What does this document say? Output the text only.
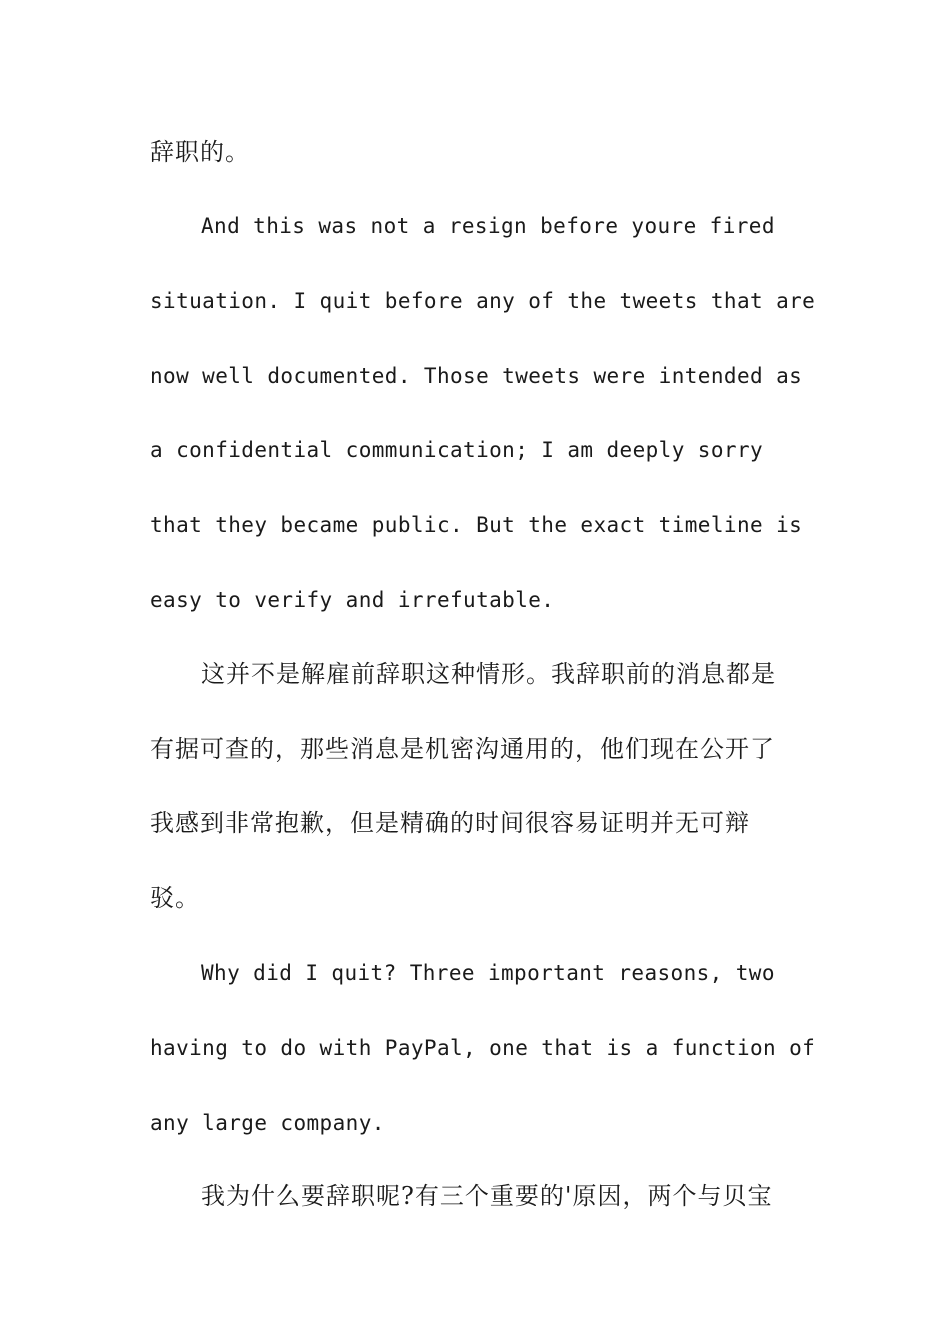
辞职的。
And this was not a resign before youre fired
situation. I quit before any of the tweets that are
now well documented. Those tweets were intended as
a confidential communication; I am deeply sorry
that they became public. But the exact timeline is
easy to verify and irrefutable.
这并不是解雇前辞职这种情形。我辞职前的消息都是
有据可查的，那些消息是机密沟通用的，他们现在公开了
我感到非常抱歉，但是精确的时间很容易证明并无可辩
驳。
Why did I quit? Three important reasons, two
having to do with PayPal, one that is a function of
any large company.
我为什么要辞职呢?有三个重要的'原因，两个与贝宝
